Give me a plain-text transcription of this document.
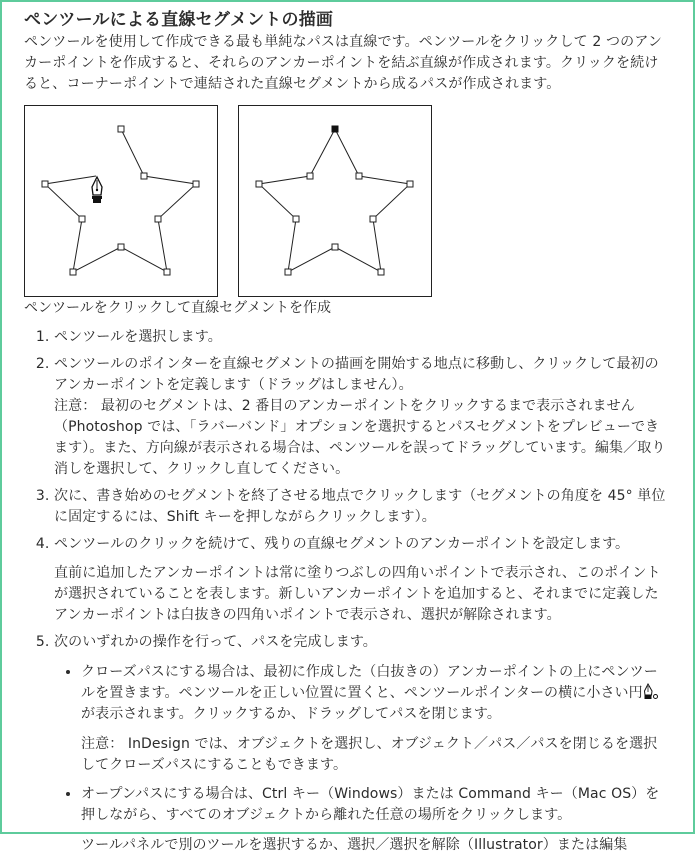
ペンツールによる直線セグメントの描画

ペンツールを使用して作成できる最も単純なパスは直線です。ペンツールをクリックして 2 つのアンカーポイントを作成すると、それらのアンカーポイントを結ぶ直線が作成されます。クリックを続けると、コーナーポイントで連結された直線セグメントから成るパスが作成されます。

ペンツールをクリックして直線セグメントを作成
1. ペンツールを選択します。
2. ペンツールのポインターを直線セグメントの描画を開始する地点に移動し、クリックして最初のアンカーポイントを定義します（ドラッグはしません）。
注意： 最初のセグメントは、2 番目のアンカーポイントをクリックするまで表示されません（Photoshop では、「ラバーバンド」オプションを選択するとパスセグメントをプレビューできます）。また、方向線が表示される場合は、ペンツールを誤ってドラッグしています。編集／取り消しを選択して、クリックし直してください。
3. 次に、書き始めのセグメントを終了させる地点でクリックします（セグメントの角度を 45° 単位に固定するには、Shift キーを押しながらクリックします）。
4. ペンツールのクリックを続けて、残りの直線セグメントのアンカーポイントを設定します。

直前に追加したアンカーポイントは常に塗りつぶしの四角いポイントで表示され、このポイントが選択されていることを表します。新しいアンカーポイントを追加すると、それまでに定義したアンカーポイントは白抜きの四角いポイントで表示され、選択が解除されます。

5. 次のいずれかの操作を行って、パスを完成します。
• クローズパスにする場合は、最初に作成した（白抜きの）アンカーポイントの上にペンツールを置きます。ペンツールを正しい位置に置くと、ペンツールポインターの横に小さい円が表示されます。クリックするか、ドラッグしてパスを閉じます。

注意： InDesign では、オブジェクトを選択し、オブジェクト／パス／パスを閉じるを選択してクローズパスにすることもできます。

• オープンパスにする場合は、Ctrl キー（Windows）または Command キー（Mac OS）を押しながら、すべてのオブジェクトから離れた任意の場所をクリックします。

ツールパネルで別のツールを選択するか、選択／選択を解除（Illustrator）または編集
